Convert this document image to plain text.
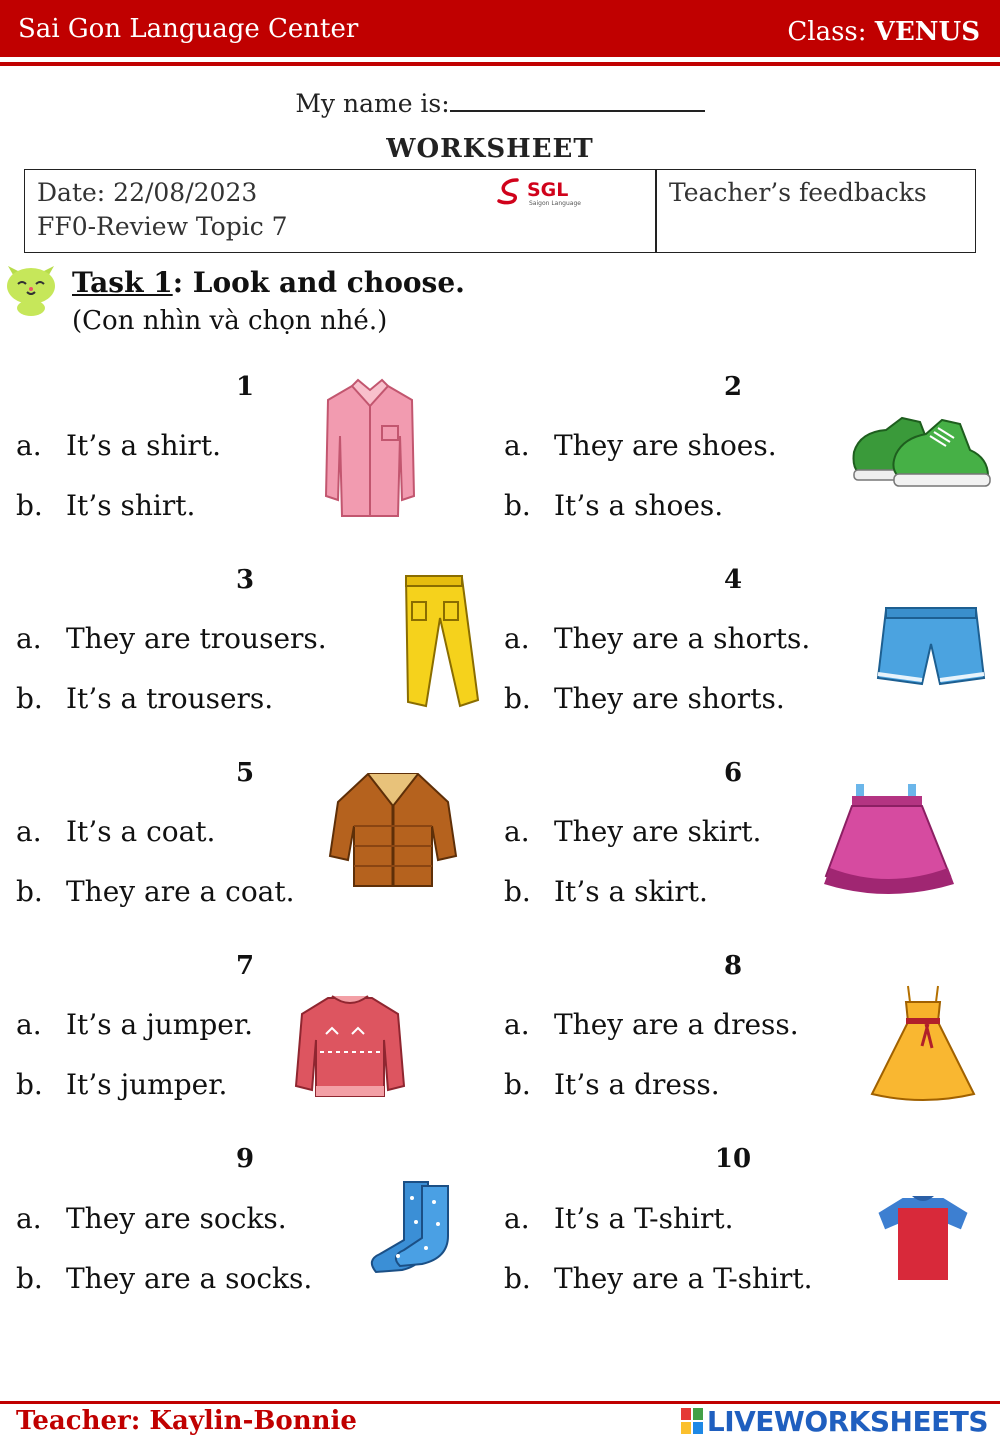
Sai Gon Language Center	Class: VENUS
My name is:
WORKSHEET
Date: 22/08/2023
FF0-Review Topic 7
Teacher’s feedbacks
SGL
Saigon Language
Task 1: Look and choose.
(Con nhìn và chọn nhé.)
1
a. It’s a shirt.
b. It’s shirt.
2
a. They are shoes.
b. It’s a shoes.
3
a. They are trousers.
b. It’s a trousers.
4
a. They are a shorts.
b. They are shorts.
5
a. It’s a coat.
b. They are a coat.
6
a. They are skirt.
b. It’s a skirt.
7
a. It’s a jumper.
b. It’s jumper.
8
a. They are a dress.
b. It’s a dress.
9
a. They are socks.
b. They are a socks.
10
a. It’s a T-shirt.
b. They are a T-shirt.
Teacher: Kaylin-Bonnie	LIVEWORKSHEETS
